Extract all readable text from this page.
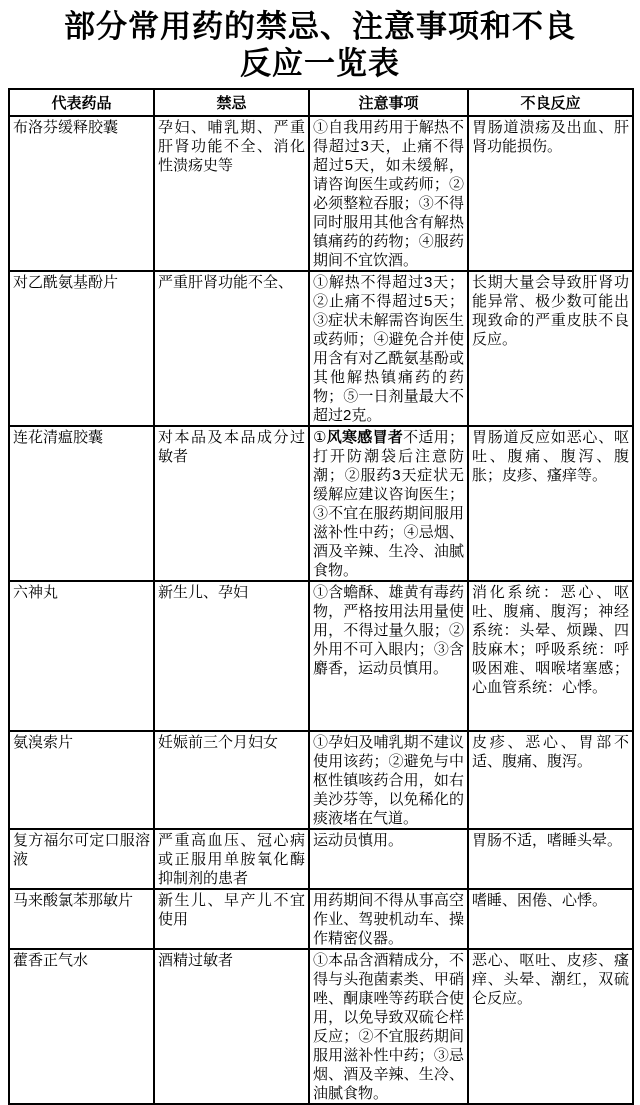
部分常用药的禁忌、注意事项和不良
反应一览表
代表药品	禁忌	注意事项	不良反应
布洛芬缓释胶囊	孕妇、哺乳期、严重肝肾功能不全、消化性溃疡史等	①自我用药用于解热不得超过3天，止痛不得超过5天，如未缓解，请咨询医生或药师；②必须整粒吞服；③不得同时服用其他含有解热镇痛药的药物；④服药期间不宜饮酒。	胃肠道溃疡及出血、肝肾功能损伤。
对乙酰氨基酚片	严重肝肾功能不全、	①解热不得超过3天；②止痛不得超过5天；③症状未解需咨询医生或药师；④避免合并使用含有对乙酰氨基酚或其他解热镇痛药的药物；⑤一日剂量最大不超过2克。	长期大量会导致肝肾功能异常、极少数可能出现致命的严重皮肤不良反应。
连花清瘟胶囊	对本品及本品成分过敏者	①风寒感冒者不适用；打开防潮袋后注意防潮；②服药3天症状无缓解应建议咨询医生；③不宜在服药期间服用滋补性中药；④忌烟、酒及辛辣、生冷、油腻食物。	胃肠道反应如恶心、呕吐、腹痛、腹泻、腹胀；皮疹、瘙痒等。
六神丸	新生儿、孕妇	①含蟾酥、雄黄有毒药物，严格按用法用量使用，不得过量久服；②外用不可入眼内；③含麝香，运动员慎用。	消化系统：恶心、呕吐、腹痛、腹泻；神经系统：头晕、烦躁、四肢麻木；呼吸系统：呼吸困难、咽喉堵塞感；心血管系统：心悸。
氨溴索片	妊娠前三个月妇女	①孕妇及哺乳期不建议使用该药；②避免与中枢性镇咳药合用，如右美沙芬等，以免稀化的痰液堵在气道。	皮疹、恶心、胃部不适、腹痛、腹泻。
复方福尔可定口服溶液	严重高血压、冠心病或正服用单胺氧化酶抑制剂的患者	运动员慎用。	胃肠不适，嗜睡头晕。
马来酸氯苯那敏片	新生儿、早产儿不宜使用	用药期间不得从事高空作业、驾驶机动车、操作精密仪器。	嗜睡、困倦、心悸。
藿香正气水	酒精过敏者	①本品含酒精成分，不得与头孢菌素类、甲硝唑、酮康唑等药联合使用，以免导致双硫仑样反应；②不宜服药期间服用滋补性中药；③忌烟、酒及辛辣、生冷、油腻食物。	恶心、呕吐、皮疹、瘙痒、头晕、潮红，双硫仑反应。
